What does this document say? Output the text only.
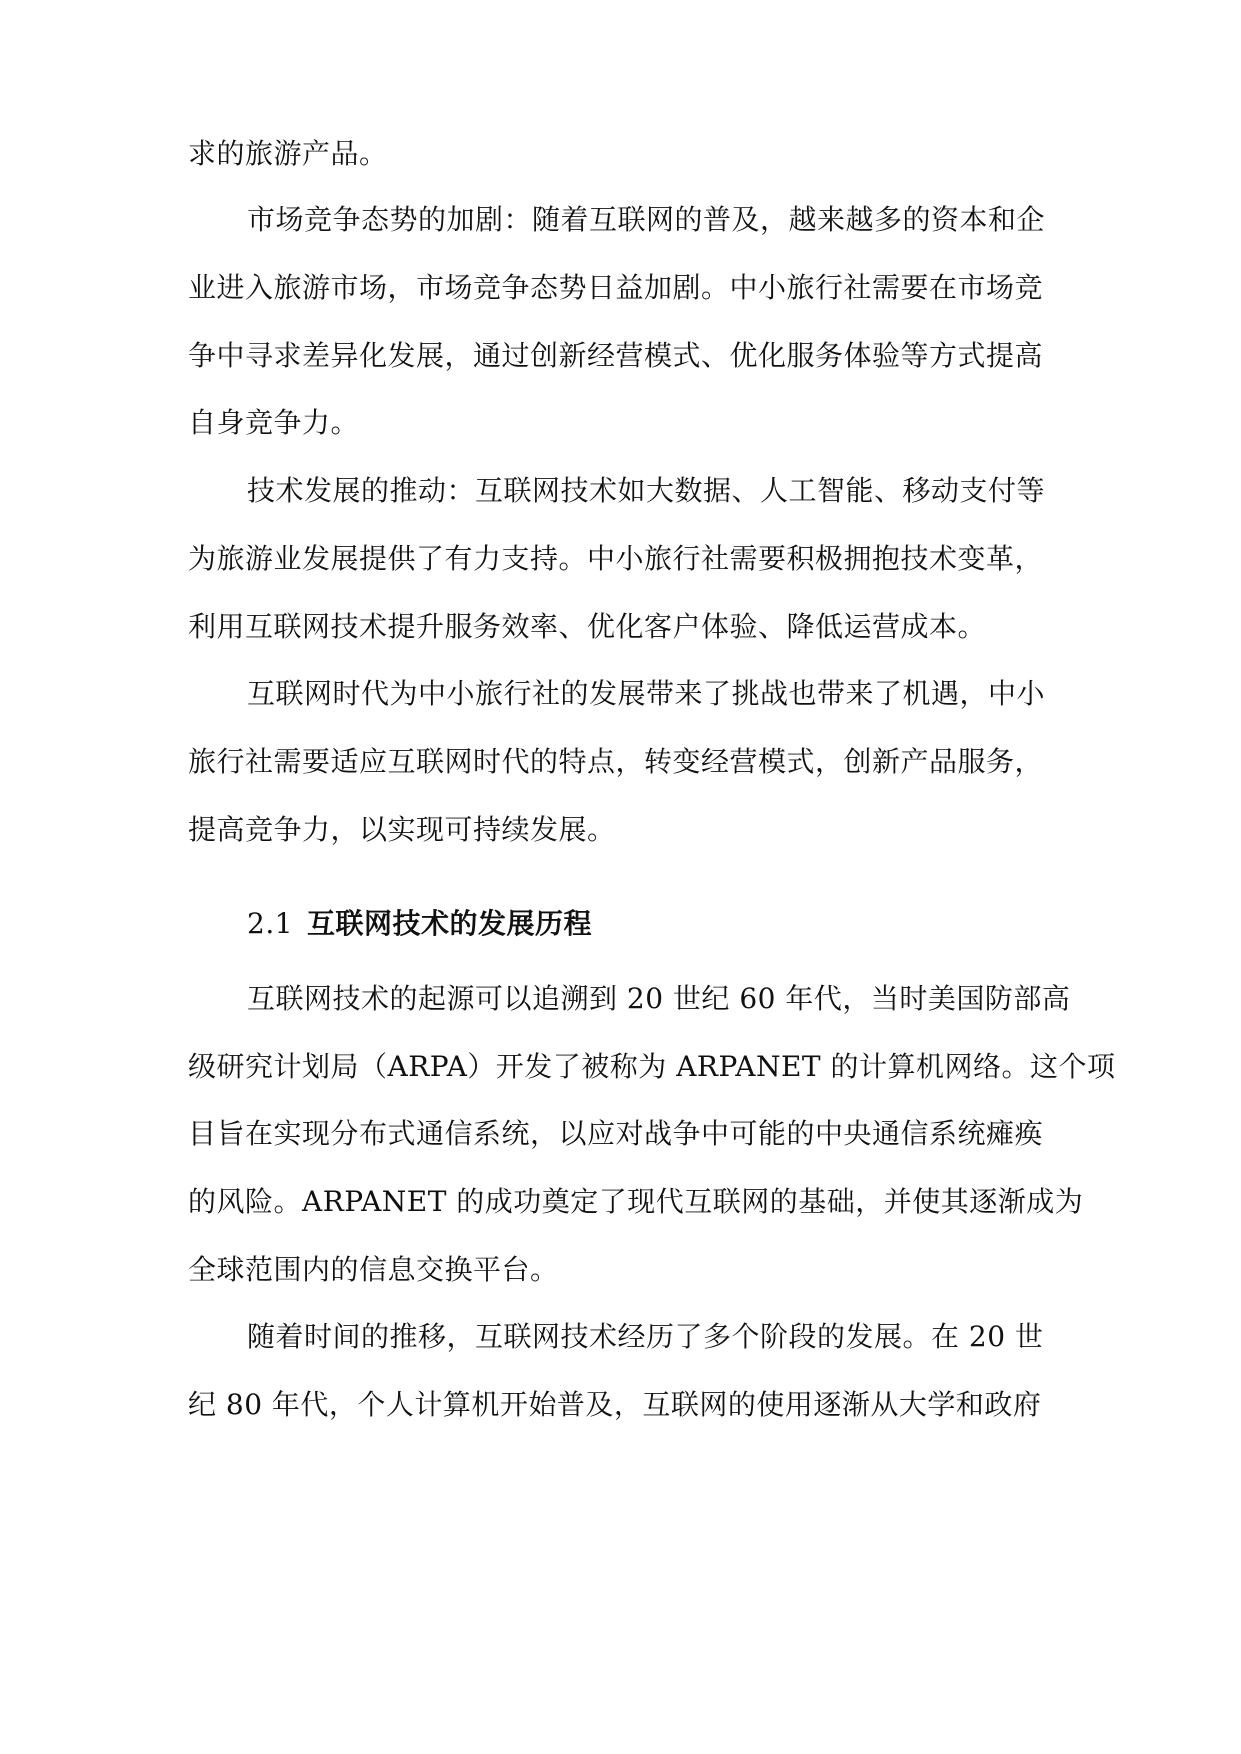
求的旅游产品。
市场竞争态势的加剧：随着互联网的普及，越来越多的资本和企
业进入旅游市场，市场竞争态势日益加剧。中小旅行社需要在市场竞
争中寻求差异化发展，通过创新经营模式、优化服务体验等方式提高
自身竞争力。
技术发展的推动：互联网技术如大数据、人工智能、移动支付等
为旅游业发展提供了有力支持。中小旅行社需要积极拥抱技术变革，
利用互联网技术提升服务效率、优化客户体验、降低运营成本。
互联网时代为中小旅行社的发展带来了挑战也带来了机遇，中小
旅行社需要适应互联网时代的特点，转变经营模式，创新产品服务，
提高竞争力，以实现可持续发展。
2.1 互联网技术的发展历程
互联网技术的起源可以追溯到 20 世纪 60 年代，当时美国防部高
级研究计划局（ARPA）开发了被称为 ARPANET 的计算机网络。这个项
目旨在实现分布式通信系统，以应对战争中可能的中央通信系统瘫痪
的风险。ARPANET 的成功奠定了现代互联网的基础，并使其逐渐成为
全球范围内的信息交换平台。
随着时间的推移，互联网技术经历了多个阶段的发展。在 20 世
纪 80 年代，个人计算机开始普及，互联网的使用逐渐从大学和政府
